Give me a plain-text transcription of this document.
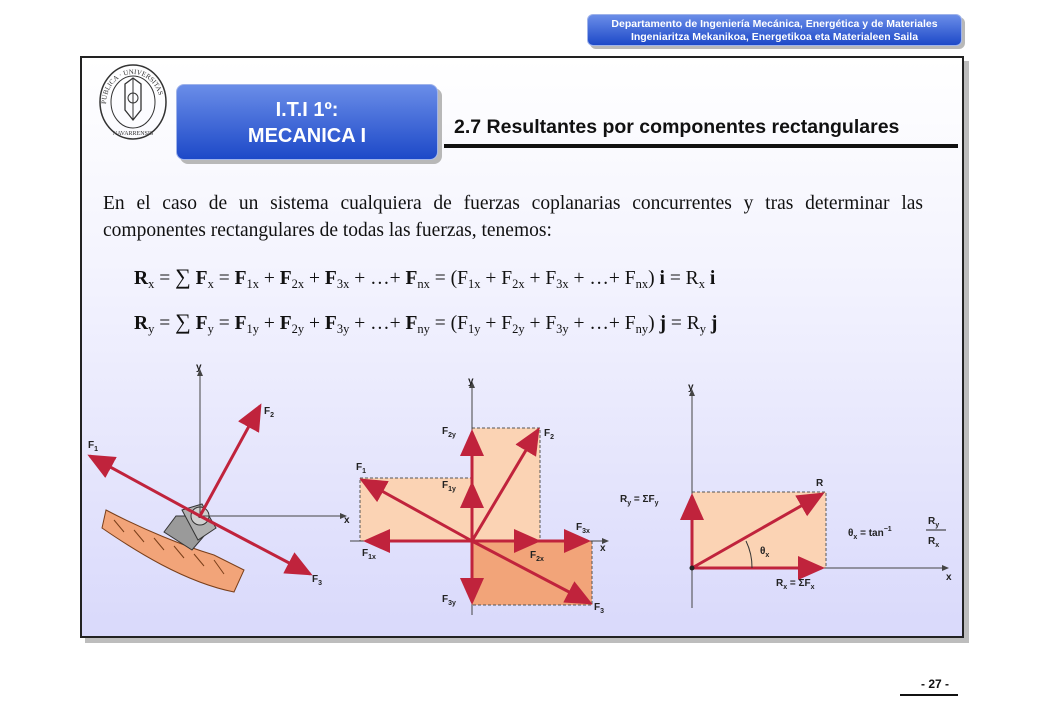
Departamento de Ingeniería Mecánica, Energética y de Materiales
Ingeniaritza Mekanikoa, Energetikoa eta Materialeen Saila
PUBLICA · UNIVERSITAS
NAVARRENSIS
I.T.I 1º:
MECANICA I	2.7 Resultantes por componentes rectangulares
En el caso de un sistema cualquiera de fuerzas coplanarias concurrentes y tras determinar las componentes rectangulares de todas las fuerzas, tenemos:
$R_x$ = ∑ $F_x = F_{1x} + F_{2x} + F_{3x}$ + …+ $F_{nx} = (F_{1x} + F_{2x} + F_{3x}$ + …+ $F_{nx}$) $i = R_x$ i
$R_y$ = ∑ $F_y = F_{1y} + F_{2y} + F_{3y}$ + …+ $F_{ny} = (F_{1y} + F_{2y} + F_{3y}$ + …+ $F_{ny}$) $j = R_y$ j
y
x
$F_2$
$F_1$
$F_3$
y
x
$F_2$
$F_1$
$F_3$
$F_{2y}$
$F_{1y}$
$F_{3y}$
$F_{1x}$	$F_{2x}$
$F_{3x}$
y
x
R
$R_y = \Sigma F_y$
$R_x = \Sigma F_x$
$\theta_x$
$\theta_x = \tan^{-1}$
$R_y$
$R_x$
- 27 -
